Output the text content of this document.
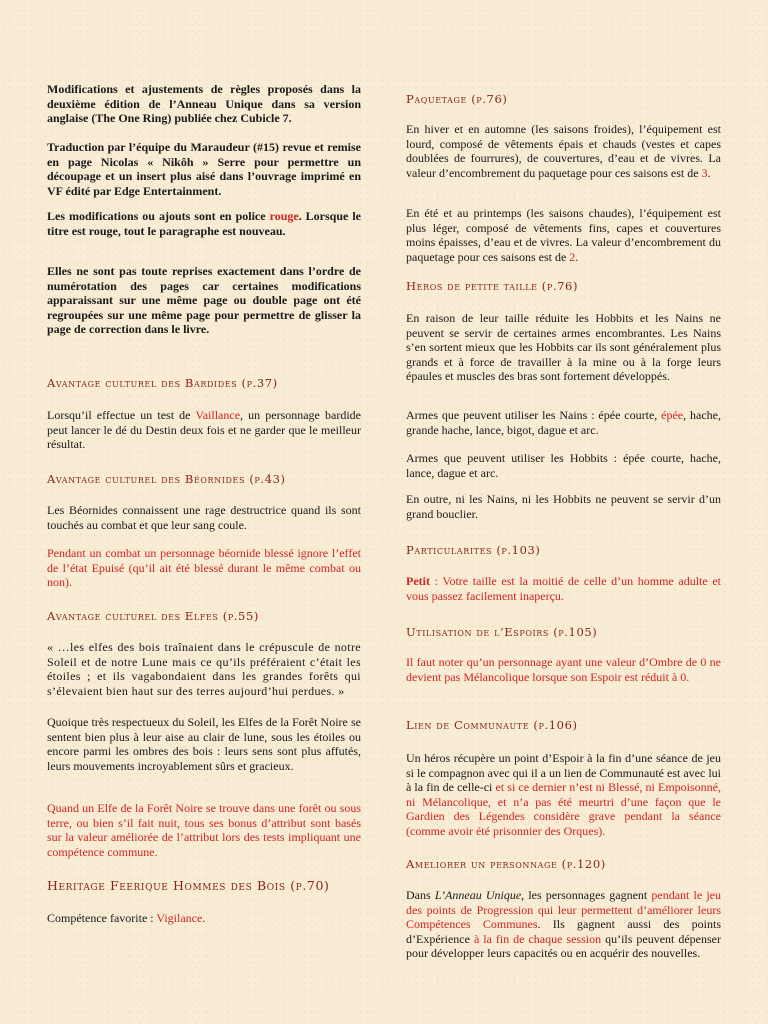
Modifications et ajustements de règles proposés dans la deuxième édition de l’Anneau Unique dans sa version anglaise (The One Ring) publiée chez Cubicle 7.

Traduction par l’équipe du Maraudeur (#15) revue et remise en page Nicolas « Nikôh » Serre pour permettre un découpage et un insert plus aisé dans l’ouvrage imprimé en VF édité par Edge Entertainment.

Les modifications ou ajouts sont en police rouge. Lorsque le titre est rouge, tout le paragraphe est nouveau.

Elles ne sont pas toute reprises exactement dans l’ordre de numérotation des pages car certaines modifications apparaissant sur une même page ou double page ont été regroupées sur une même page pour permettre de glisser la page de correction dans le livre.

Avantage culturel des Bardides (p.37)

Lorsqu’il effectue un test de Vaillance, un personnage bardide peut lancer le dé du Destin deux fois et ne garder que le meilleur résultat.

Avantage culturel des Béornides (p.43)

Les Béornides connaissent une rage destructrice quand ils sont touchés au combat et que leur sang coule.

Pendant un combat un personnage béornide blessé ignore l’effet de l’état Epuisé (qu’il ait été blessé durant le même combat ou non).

Avantage culturel des Elfes (p.55)

« …les elfes des bois traînaient dans le crépuscule de notre Soleil et de notre Lune mais ce qu’ils préféraient c’était les étoiles ; et ils vagabondaient dans les grandes forêts qui s’élevaient bien haut sur des terres aujourd’hui perdues. »

Quoique très respectueux du Soleil, les Elfes de la Forêt Noire se sentent bien plus à leur aise au clair de lune, sous les étoiles ou encore parmi les ombres des bois : leurs sens sont plus affutés, leurs mouvements incroyablement sûrs et gracieux.

Quand un Elfe de la Forêt Noire se trouve dans une forêt ou sous terre, ou bien s’il fait nuit, tous ses bonus d’attribut sont basés sur la valeur améliorée de l’attribut lors des tests impliquant une compétence commune.

Heritage Feerique Hommes des Bois (p.70)

Compétence favorite : Vigilance.

Paquetage (p.76)

En hiver et en automne (les saisons froides), l’équipement est lourd, composé de vêtements épais et chauds (vestes et capes doublées de fourrures), de couvertures, d’eau et de vivres. La valeur d’encombrement du paquetage pour ces saisons est de 3.

En été et au printemps (les saisons chaudes), l’équipement est plus léger, composé de vêtements fins, capes et couvertures moins épaisses, d’eau et de vivres. La valeur d’encombrement du paquetage pour ces saisons est de 2.

Heros de petite taille (p.76)

En raison de leur taille réduite les Hobbits et les Nains ne peuvent se servir de certaines armes encombrantes. Les Nains s’en sortent mieux que les Hobbits car ils sont généralement plus grands et à force de travailler à la mine ou à la forge leurs épaules et muscles des bras sont fortement développés.

Armes que peuvent utiliser les Nains : épée courte, épée, hache, grande hache, lance, bigot, dague et arc.

Armes que peuvent utiliser les Hobbits : épée courte, hache, lance, dague et arc.

En outre, ni les Nains, ni les Hobbits ne peuvent se servir d’un grand bouclier.

Particularites (p.103)

Petit : Votre taille est la moitié de celle d’un homme adulte et vous passez facilement inaperçu.

Utilisation de l’Espoirs (p.105)

Il faut noter qu’un personnage ayant une valeur d’Ombre de 0 ne devient pas Mélancolique lorsque son Espoir est réduit à 0.

Lien de Communaute (p.106)

Un héros récupère un point d’Espoir à la fin d’une séance de jeu si le compagnon avec qui il a un lien de Communauté est avec lui à la fin de celle-ci et si ce dernier n’est ni Blessé, ni Empoisonné, ni Mélancolique, et n’a pas été meurtri d’une façon que le Gardien des Légendes considère grave pendant la séance (comme avoir été prisonnier des Orques).

Ameliorer un personnage (p.120)

Dans L’Anneau Unique, les personnages gagnent pendant le jeu des points de Progression qui leur permettent d’améliorer leurs Compétences Communes. Ils gagnent aussi des points d’Expérience à la fin de chaque session qu’ils peuvent dépenser pour développer leurs capacités ou en acquérir des nouvelles.
